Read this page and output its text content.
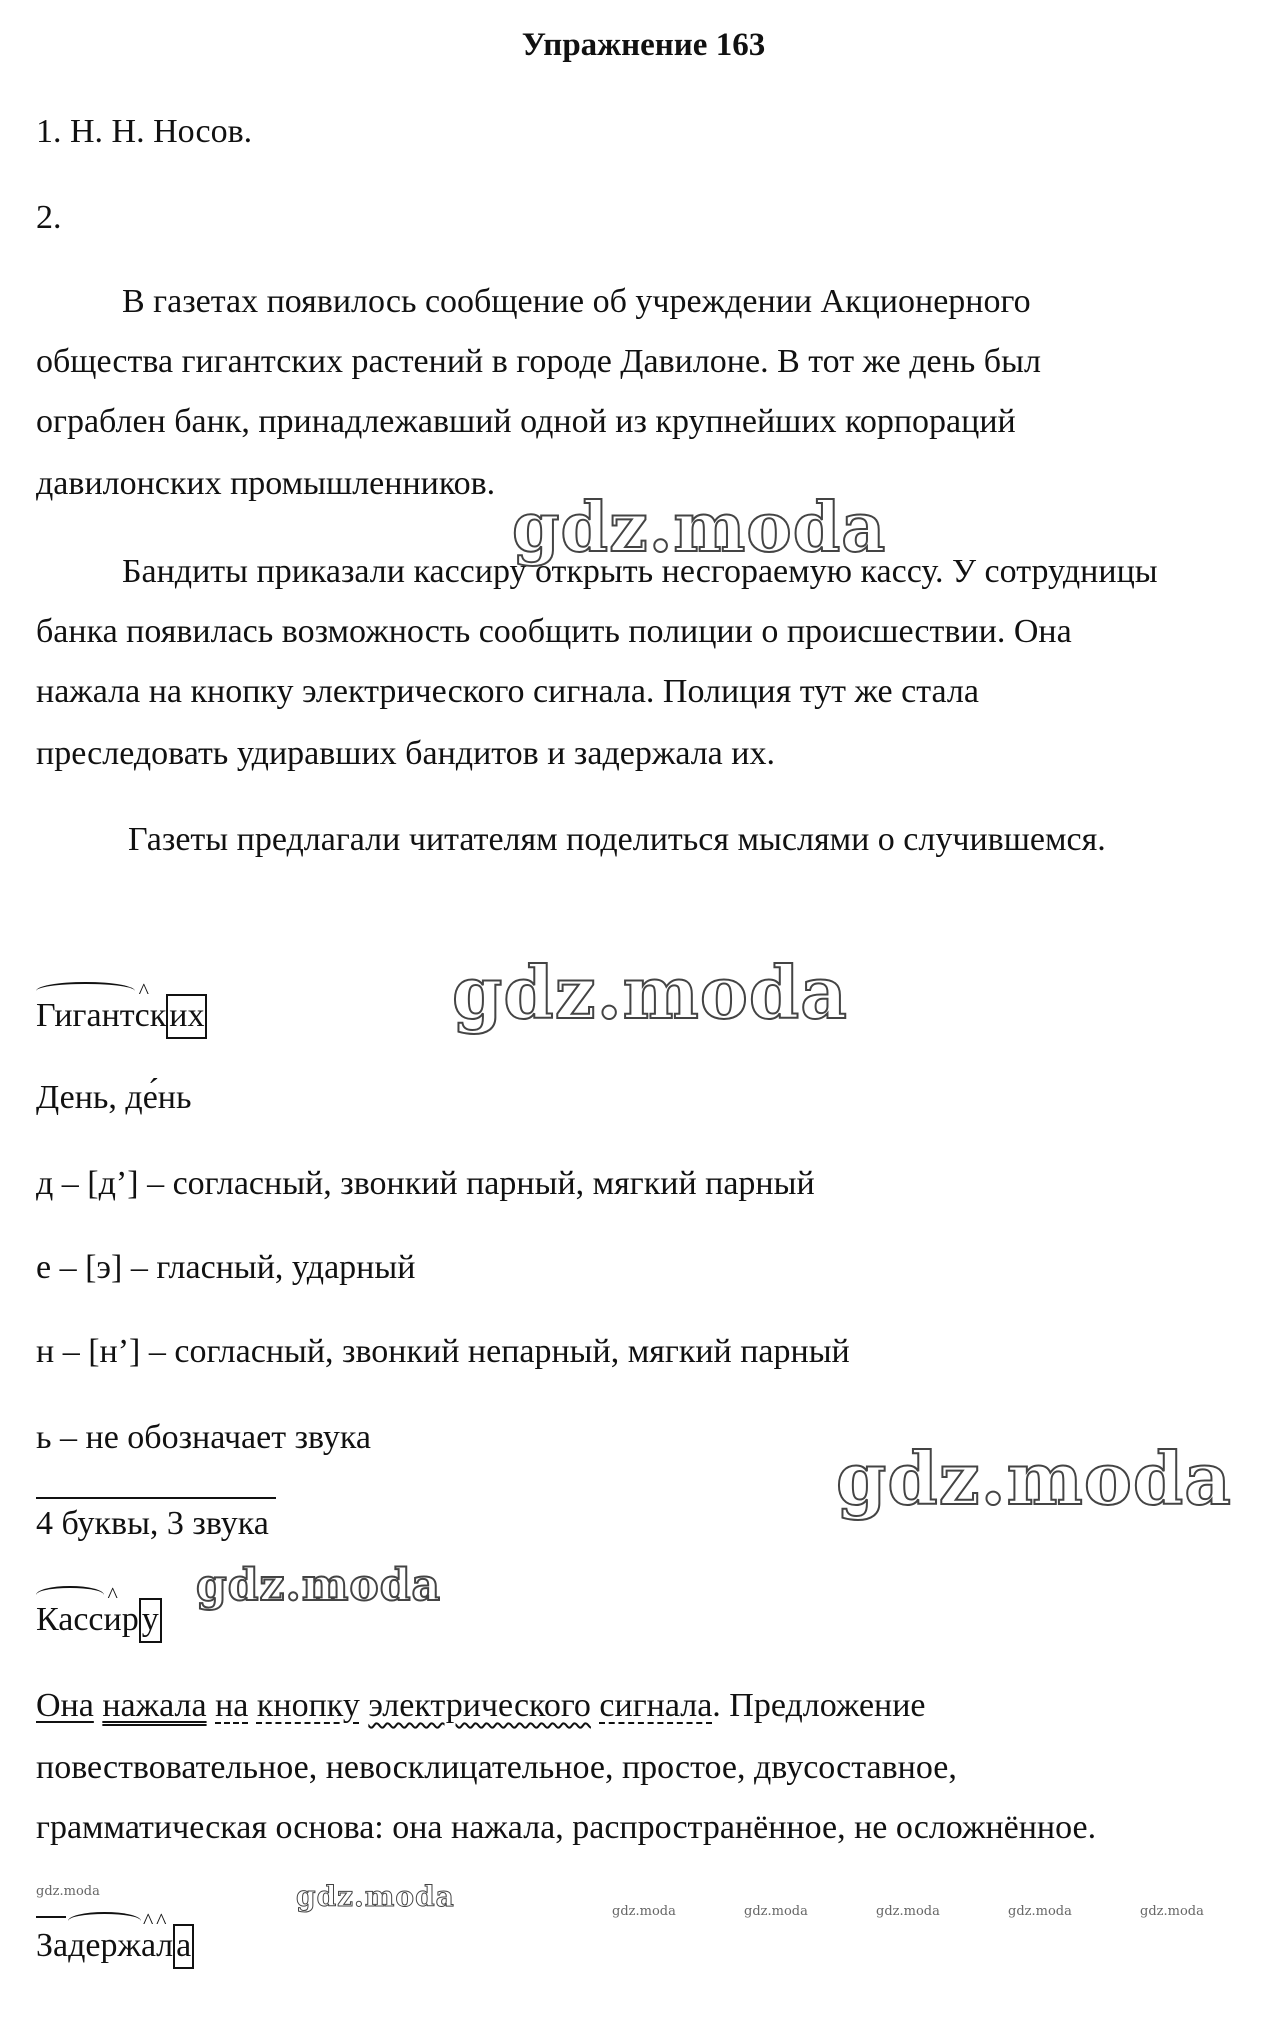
Упражнение 163
1. Н. Н. Носов.
2.
В газетах появилось сообщение об учреждении Акционерного
общества гигантских растений в городе Давилоне. В тот же день был
ограблен банк, принадлежавший одной из крупнейших корпораций
давилонских промышленников.
Бандиты приказали кассиру открыть несгораемую кассу. У сотрудницы
банка появилась возможность сообщить полиции о происшествии. Она
нажала на кнопку электрического сигнала. Полиция тут же стала
преследовать удиравших бандитов и задержала их.
Газеты предлагали читателям поделиться мыслями о случившемся.
Гигант
^
ских
День, де́нь
д – [д’] – согласный, звонкий парный, мягкий парный
е – [э] – гласный, ударный
н – [н’] – согласный, звонкий непарный, мягкий парный
ь – не обозначает звука
4 буквы, 3 звука
Касс
^
иру
Она нажала на кнопку электрического сигнала. Предложение
повествовательное, невосклицательное, простое, двусоставное,
грамматическая основа: она нажала, распространённое, не осложнённое.
За
держ
^
а
^
ла
gdz.moda
gdz.moda
gdz.moda
gdz.moda
gdz.moda
gdz.moda
gdz.moda	gdz.moda	gdz.moda	gdz.moda	gdz.moda
